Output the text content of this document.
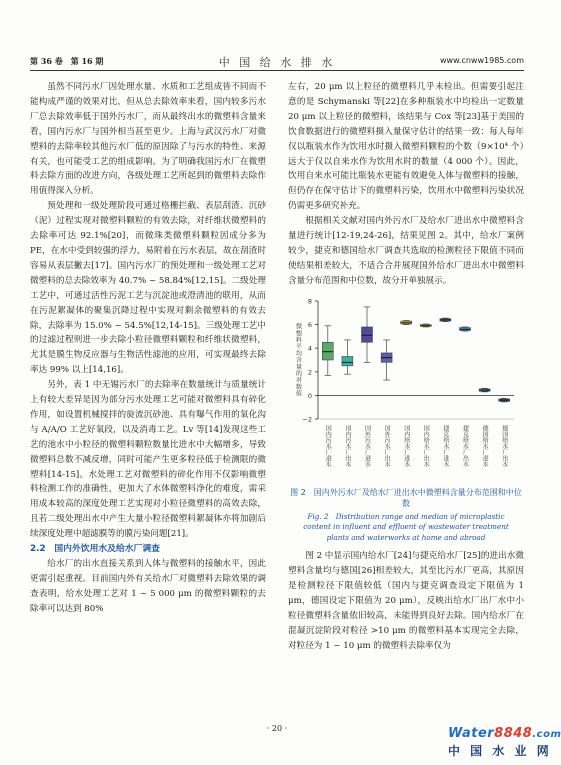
第 36 卷　第 16 期	中 国 给 水 排 水	www.cnww1985.com

虽然不同污水厂因处理水量、水质和工艺组成皆不同而不能构成严谨的效果对比，但从总去除效率来看，国内较多污水厂总去除效率低于国外污水厂，而从最终出水的微塑料含量来看，国内污水厂与国外相当甚至更少。上海与武汉污水厂对微塑料的去除率较其他污水厂低的原因除了与污水的特性、来源有关，也可能受工艺的组成影响。为了明确我国污水厂在微塑料去除方面的改进方向，各级处理工艺所起到的微塑料去除作用值得深入分析。

预处理和一级处理阶段可通过格栅拦截、表层刮渣、沉砂（泥）过程实现对微塑料颗粒的有效去除，对纤维状微塑料的去除率可达 92.1%[20]，而微珠类微塑料颗粒因成分多为 PE，在水中受到较强的浮力，易附着在污水表层，故在刮渣时容易从表层撇去[17]。国内污水厂的预处理和一级处理工艺对微塑料的总去除效率为 40.7% ~ 58.84%[12,15]。二级处理工艺中，可通过活性污泥工艺与沉淀池或澄清池的联用，从而在污泥絮凝体的聚集沉降过程中实现对剩余微塑料的有效去除，去除率为 15.0% ~ 54.5%[12,14-15]。三级处理工艺中的过滤过程则进一步去除小粒径微塑料颗粒和纤维状微塑料，尤其是膜生物反应器与生物活性滤池的应用，可实现最终去除率达 99% 以上[14,16]。

另外，表 1 中无锡污水厂的去除率在数量统计与质量统计上有较大差异是因为部分污水处理工艺可能对微塑料具有碎化作用，如设置机械搅拌的旋流沉砂池、具有曝气作用的氧化沟与 A/A/O 工艺好氧段，以及消毒工艺。Lv 等[14]发现这些工艺的池水中小粒径的微塑料颗粒数量比进水中大幅增多，导致微塑料总数不减反增，同时可能产生更多粒径低于检测限的微塑料[14-15]。水处理工艺对微塑料的碎化作用不仅影响微塑料检测工作的准确性，更加大了水体微塑料净化的难度，需采用成本较高的深度处理工艺实现对小粒径微塑料的高效去除，且若二级处理出水中产生大量小粒径微塑料絮凝体亦将加剧后续深度处理中超滤膜等的膜污染问题[21]。

2.2　国内外饮用水及给水厂调查

给水厂的出水直接关系到人体与微塑料的接触水平，因此更需引起重视。目前国内外有关给水厂对微塑料去除效果的调查表明，给水处理工艺对 1 ~ 5 000 μm 的微塑料颗粒的去除率可以达到 80%

左右，20 μm 以上粒径的微塑料几乎未检出。但需要引起注意的是 Schymanski 等[22]在多种瓶装水中均检出一定数量 20 μm 以上粒径的微塑料，该结果与 Cox 等[23]基于美国的饮食数据进行的微塑料摄入量保守估计的结果一致：每人每年仅以瓶装水作为饮用水时摄入微塑料颗粒的个数（9×10⁴ 个）远大于仅以自来水作为饮用水时的数量（4 000 个）。因此，饮用自来水可能比瓶装水更能有效避免人体与微塑料的接触，但仍存在保守估计下的微塑料污染，饮用水中微塑料污染状况仍需更多研究补充。

根据相关文献对国内外污水厂及给水厂进出水中微塑料含量进行统计[12-19,24-26]，结果见图 2。其中，给水厂案例较少，捷克和德国给水厂调查共选取的检测粒径下限值不同而使结果相差较大，不适合合并展现国外给水厂进出水中微塑料含量分布范围和中位数，故分开单独展示。

−2
0
2
4
6
8
微塑料平均含量的对数值
国内污水厂进水 国内污水厂出水 国外污水厂进水 国外污水厂出水 国内给水厂进水 国内给水厂出水 捷克给水厂进水 捷克给水厂出水 德国给水厂进水 德国给水厂出水
图 2　国内外污水厂及给水厂进出水中微塑料含量分布范围和中位数
Fig. 2　Distribution range and median of microplastic content in influent and effluent of wastewater treatment plants and waterworks at home and abroad

图 2 中显示国内给水厂[24]与捷克给水厂[25]的进出水微塑料含量均与德国[26]相差较大，其至比污水厂更高，其原因是检测粒径下限值较低（国内与捷克调查设定下限值为 1 μm，德国设定下限值为 20 μm），反映出给水厂出厂水中小粒径微塑料含量依旧较高，未能得到良好去除。国内给水厂在混凝沉淀阶段对粒径 >10 μm 的微塑料基本实现完全去除，对粒径为 1 ~ 10 μm 的微塑料去除率仅为

· 20 ·	Water8848.com
中 国 水 业 网
